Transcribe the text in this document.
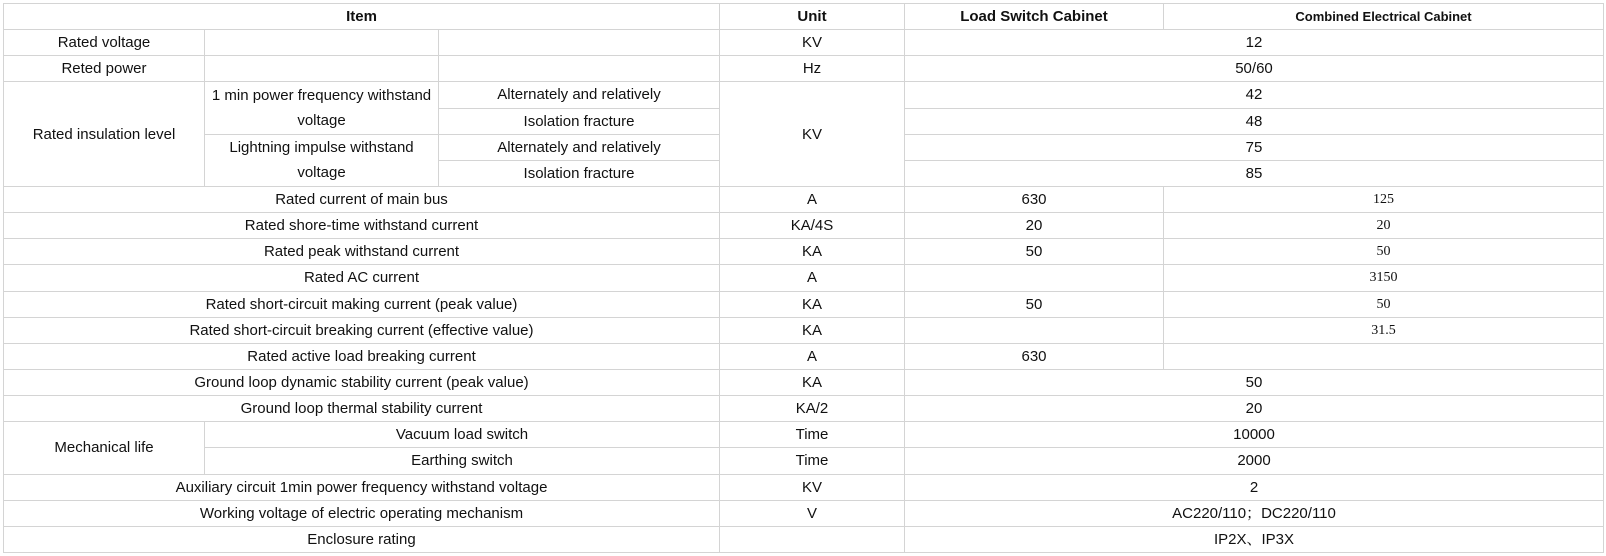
Item			Unit	Load Switch Cabinet	Combined Electrical Cabinet
Rated voltage			KV	12	
Reted power			Hz	50/60	
Rated insulation level	1 min power frequency withstand voltage	Alternately and relatively	KV	42	
		Isolation fracture		48	
	Lightning impulse withstand voltage	Alternately and relatively		75	
		Isolation fracture		85	
Rated current of main bus			A	630	125
Rated shore-time withstand current			KA/4S	20	20
Rated peak withstand current			KA	50	50
Rated AC current			A		3150
Rated short-circuit making current (peak value)			KA	50	50
Rated short-circuit breaking current (effective value)			KA		31.5
Rated active load breaking current			A	630	
Ground loop dynamic stability current (peak value)			KA	50	
Ground loop thermal stability current			KA/2	20	
Mechanical life	Vacuum load switch		Time	10000	
	Earthing switch		Time	2000	
Auxiliary circuit 1min power frequency withstand voltage			KV	2	
Working voltage of electric operating mechanism			V	AC220/110；DC220/110	
Enclosure rating				IP2X、IP3X	
